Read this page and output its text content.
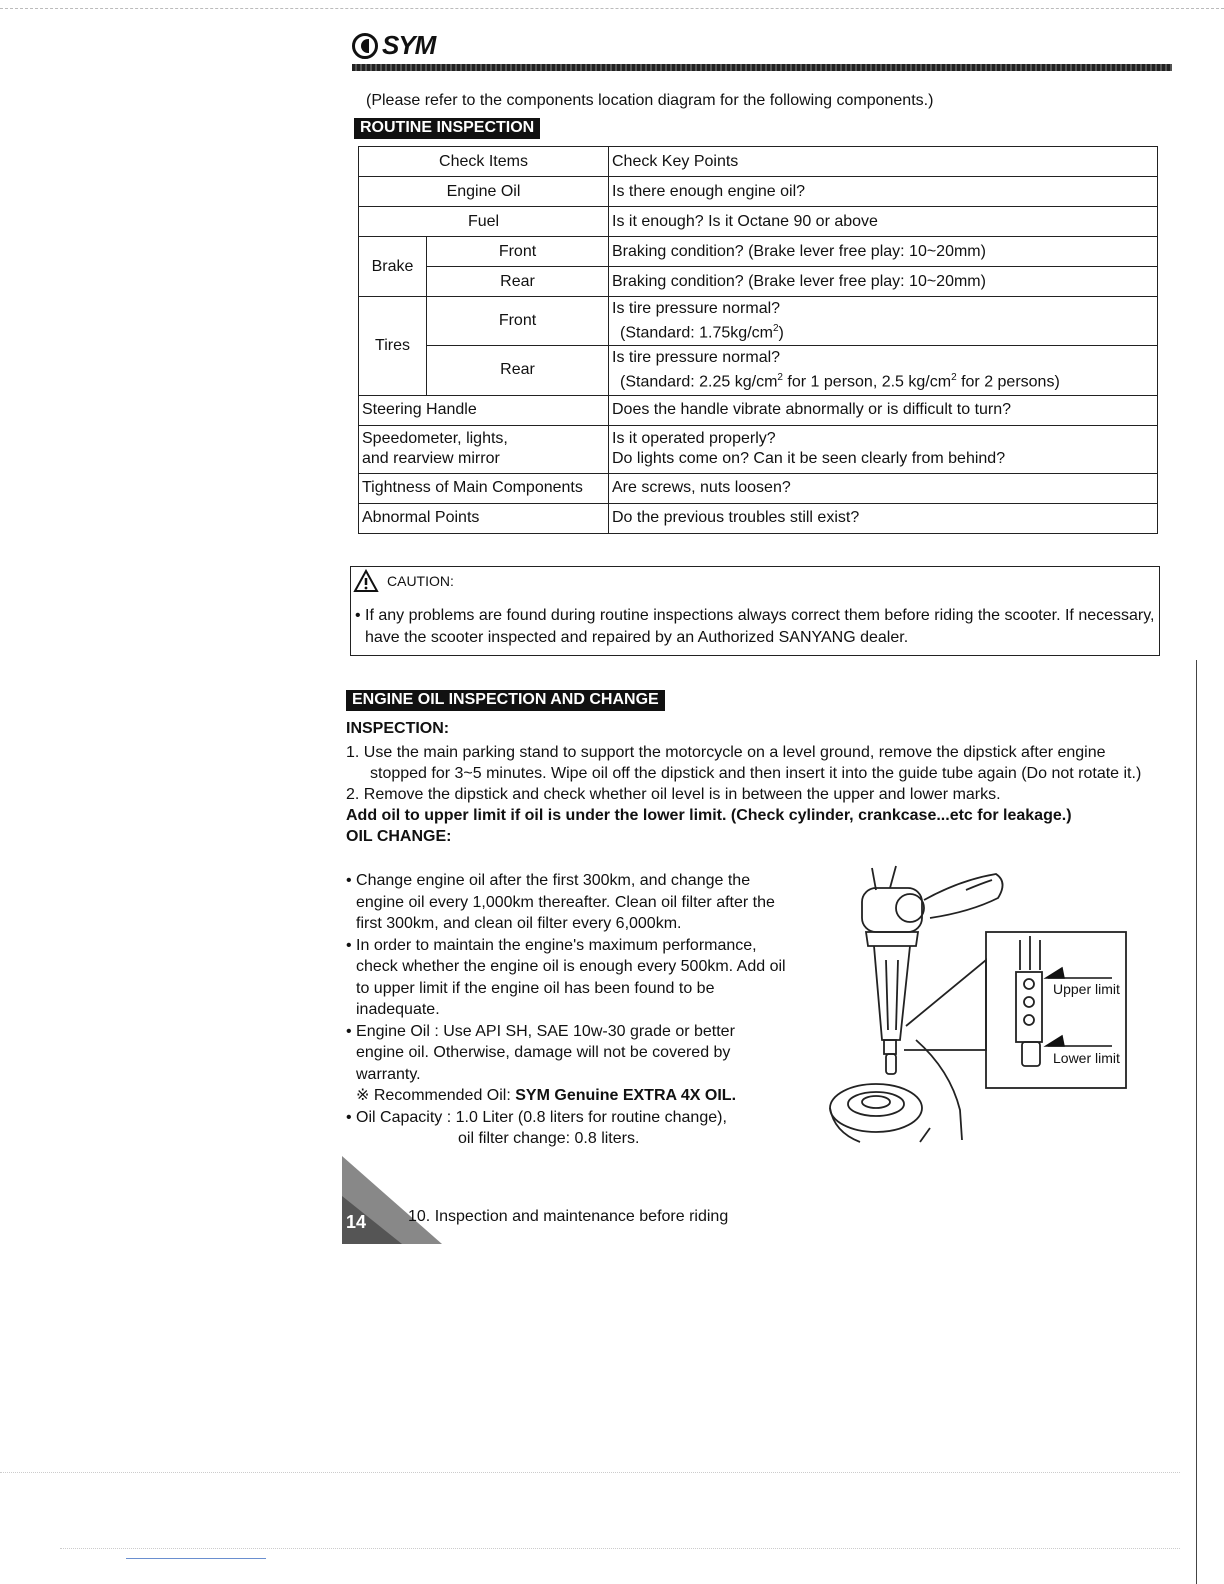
SYM
(Please refer to the components location diagram for the following components.)
ROUTINE INSPECTION
Check Items		Check Key Points
Engine Oil		Is there enough engine oil?
Fuel		Is it enough? Is it Octane 90 or above
Brake	Front	Braking condition? (Brake lever free play: 10~20mm)
	Rear	Braking condition? (Brake lever free play: 10~20mm)
Tires	Front	Is tire pressure normal?
(Standard: $1.75kg/cm^2$)

	Rear	Is tire pressure normal?
(Standard: 2.25 $kg/cm^2$ for 1 person, 2.5 $kg/cm^2$ for 2 persons)

Steering Handle		Does the handle vibrate abnormally or is difficult to turn?

Speedometer, lights,
and rearview mirror		Is it operated properly?
Do lights come on? Can it be seen clearly from behind?

Tightness of Main Components		Are screws, nuts loosen?
Abnormal Points		Do the previous troubles still exist?
CAUTION:
• If any problems are found during routine inspections always correct them before riding the scooter. If necessary, have the scooter inspected and repaired by an Authorized SANYANG dealer.
ENGINE OIL INSPECTION AND CHANGE
INSPECTION:

1. Use the main parking stand to support the motorcycle on a level ground, remove the dipstick after engine stopped for 3~5 minutes. Wipe oil off the dipstick and then insert it into the guide tube again (Do not rotate it.)

2. Remove the dipstick and check whether oil level is in between the upper and lower marks.

Add oil to upper limit if oil is under the lower limit. (Check cylinder, crankcase...etc for leakage.)
OIL CHANGE:

• Change engine oil after the first 300km, and change the engine oil every 1,000km thereafter. Clean oil filter after the first 300km, and clean oil filter every 6,000km.

• In order to maintain the engine's maximum performance, check whether the engine oil is enough every 500km. Add oil to upper limit if the engine oil has been found to be inadequate.

• Engine Oil : Use API SH, SAE 10w-30 grade or better engine oil. Otherwise, damage will not be covered by warranty.

※ Recommended Oil: SYM Genuine EXTRA 4X OIL.

• Oil Capacity : 1.0 Liter (0.8 liters for routine change),

oil filter change: 0.8 liters.

Upper limit
Lower limit
14	10. Inspection and maintenance before riding
